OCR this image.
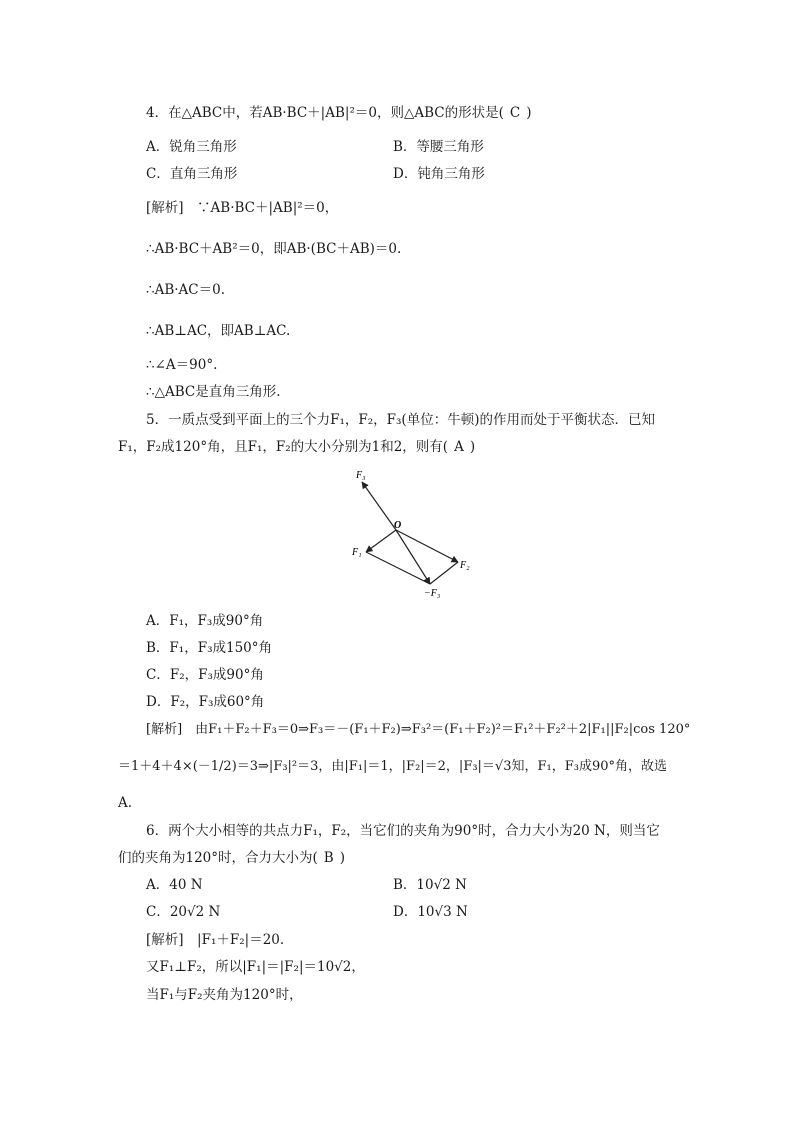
4．在△ABC中，若AB·BC＋|AB|²＝0，则△ABC的形状是( C )
A．锐角三角形	B．等腰三角形
C．直角三角形	D．钝角三角形
[解析]　∵AB·BC＋|AB|²＝0，
∴AB·BC＋AB²＝0，即AB·(BC＋AB)＝0.
∴AB·AC＝0.
∴AB⊥AC，即AB⊥AC.
∴∠A＝90°.
∴△ABC是直角三角形.
5．一质点受到平面上的三个力F₁，F₂，F₃(单位：牛顿)的作用而处于平衡状态．已知
F₁，F₂成120°角，且F₁，F₂的大小分别为1和2，则有( A )
F₃
O
F₁
F₂
−F₃
A．F₁，F₃成90°角
B．F₁，F₃成150°角
C．F₂，F₃成90°角
D．F₂，F₃成60°角
[解析]　由F₁＋F₂＋F₃＝0⇒F₃＝－(F₁＋F₂)⇒F₃²＝(F₁＋F₂)²＝F₁²＋F₂²＋2|F₁||F₂|cos 120°
＝1＋4＋4×(－1/2)＝3⇒|F₃|²＝3，由|F₁|＝1，|F₂|＝2，|F₃|＝√3知，F₁，F₃成90°角，故选
A.
6．两个大小相等的共点力F₁，F₂，当它们的夹角为90°时，合力大小为20 N，则当它
们的夹角为120°时，合力大小为( B )
A．40 N	B．10√2 N
C．20√2 N	D．10√3 N
[解析]　|F₁＋F₂|＝20.
又F₁⊥F₂，所以|F₁|＝|F₂|＝10√2，
当F₁与F₂夹角为120°时，
